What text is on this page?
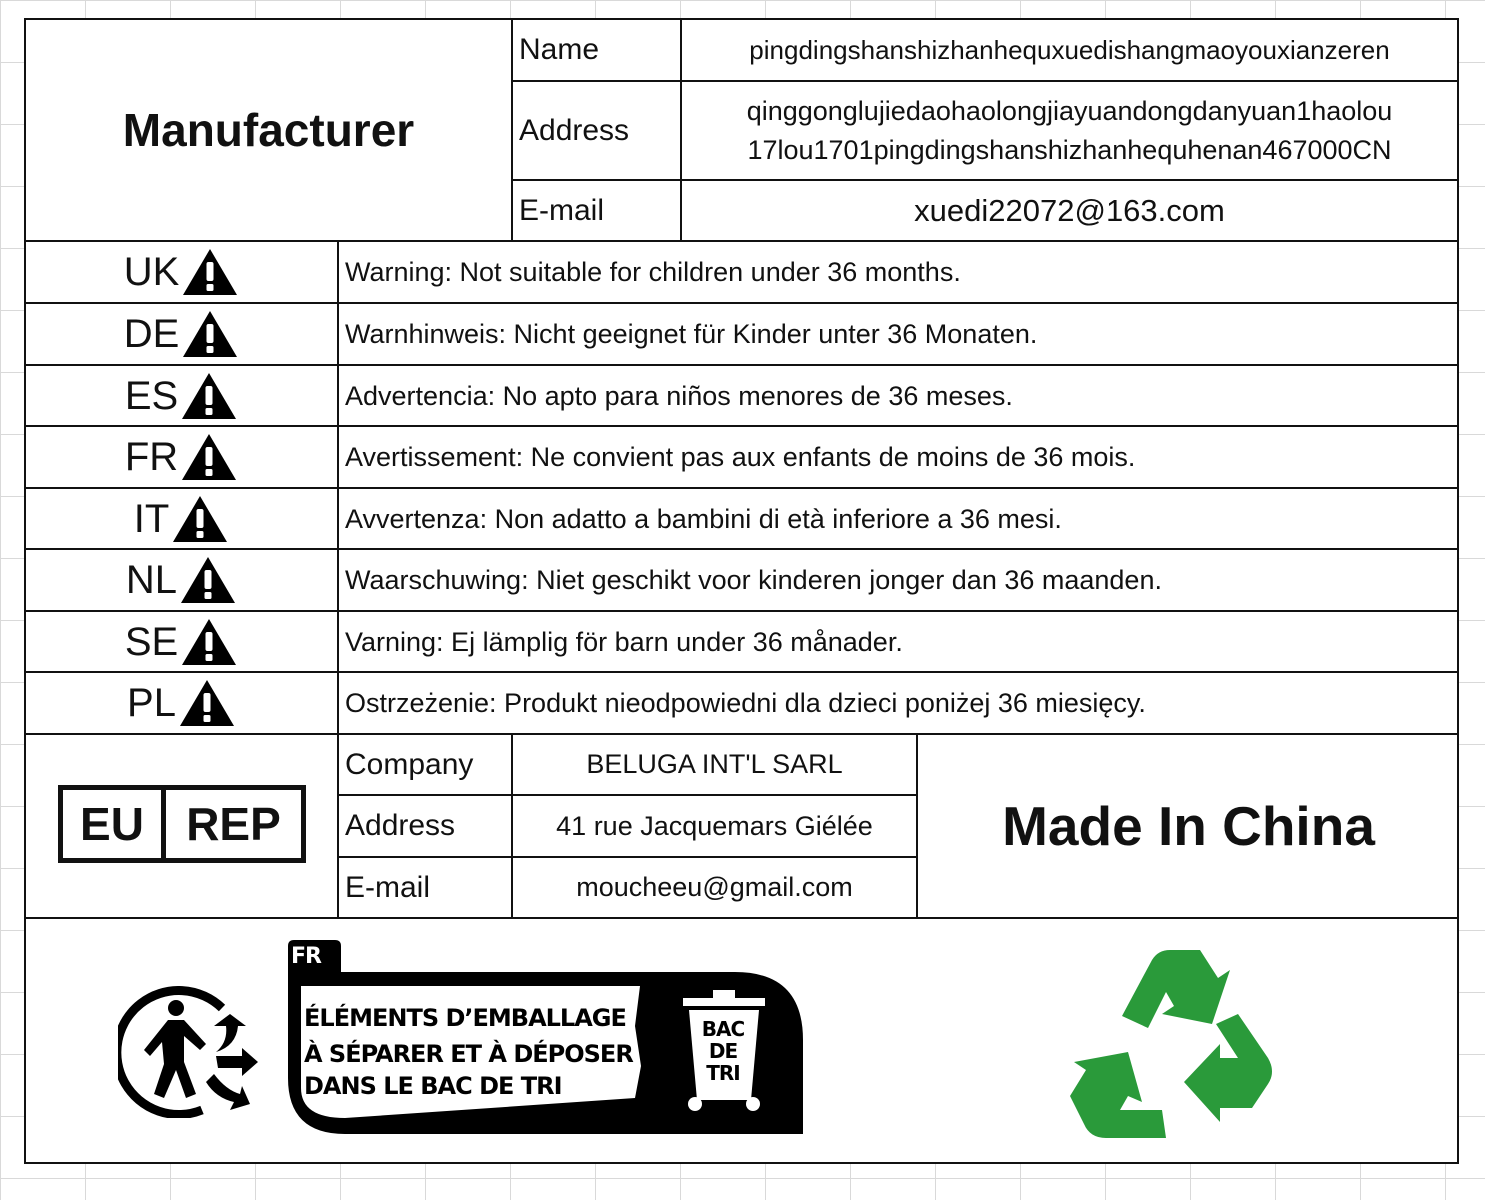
Manufacturer
Name	pingdingshanshizhanhequxuedishangmaoyouxianzeren
Address
qinggonglujiedaohaolongjiayuandongdanyuan1haolou
17lou1701pingdingshanshizhanhequhenan467000CN
E-mail	xuedi22072@163.com
UK	Warning: Not suitable for children under 36 months.
DE	Warnhinweis: Nicht geeignet für Kinder unter 36 Monaten.
ES	Advertencia: No apto para niños menores de 36 meses.
FR	Avertissement: Ne convient pas aux enfants de moins de 36 mois.
IT	Avvertenza: Non adatto a bambini di età inferiore a 36 mesi.
NL	Waarschuwing: Niet geschikt voor kinderen jonger dan 36 maanden.
SE	Varning: Ej lämplig för barn under 36 månader.
PL	Ostrzeżenie: Produkt nieodpowiedni dla dzieci poniżej 36 miesięcy.
EU REP
Company	BELUGA INT'L SARL
Address	41 rue Jacquemars Giélée
E-mail	moucheeu@gmail.com
Made In China
FR
ÉLÉMENTS D’EMBALLAGE
À SÉPARER ET À DÉPOSER
DANS LE BAC DE TRI
BAC
DE
TRI
